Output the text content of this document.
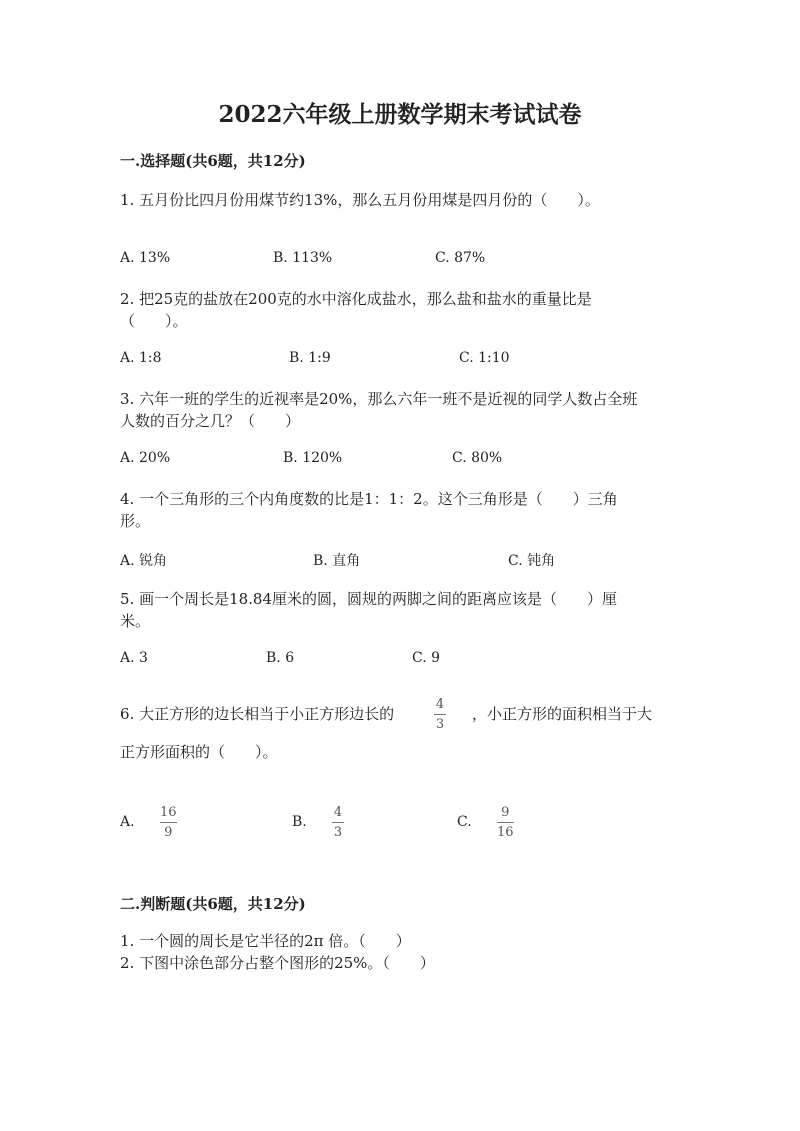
2022六年级上册数学期末考试试卷
一.选择题(共6题，共12分)
1. 五月份比四月份用煤节约13%，那么五月份用煤是四月份的（　　）。
A. 13%	B. 113%	C. 87%
2. 把25克的盐放在200克的水中溶化成盐水，那么盐和盐水的重量比是
（　　）。
A. 1:8	B. 1:9	C. 1:10
3. 六年一班的学生的近视率是20%，那么六年一班不是近视的同学人数占全班
人数的百分之几？（　　）
A. 20%	B. 120%	C. 80%
4. 一个三角形的三个内角度数的比是1：1：2。这个三角形是（　　）三角
形。
A. 锐角	B. 直角	C. 钝角
5. 画一个周长是18.84厘米的圆，圆规的两脚之间的距离应该是（　　）厘
米。
A. 3	B. 6	C. 9
6. 大正方形的边长相当于小正方形边长的
4
3
，小正方形的面积相当于大
正方形面积的（　　）。
A.
16
9
B.
4
3
C.
9
16
二.判断题(共6题，共12分)
1. 一个圆的周长是它半径的2π 倍。（　　）
2. 下图中涂色部分占整个图形的25%。（　　）
